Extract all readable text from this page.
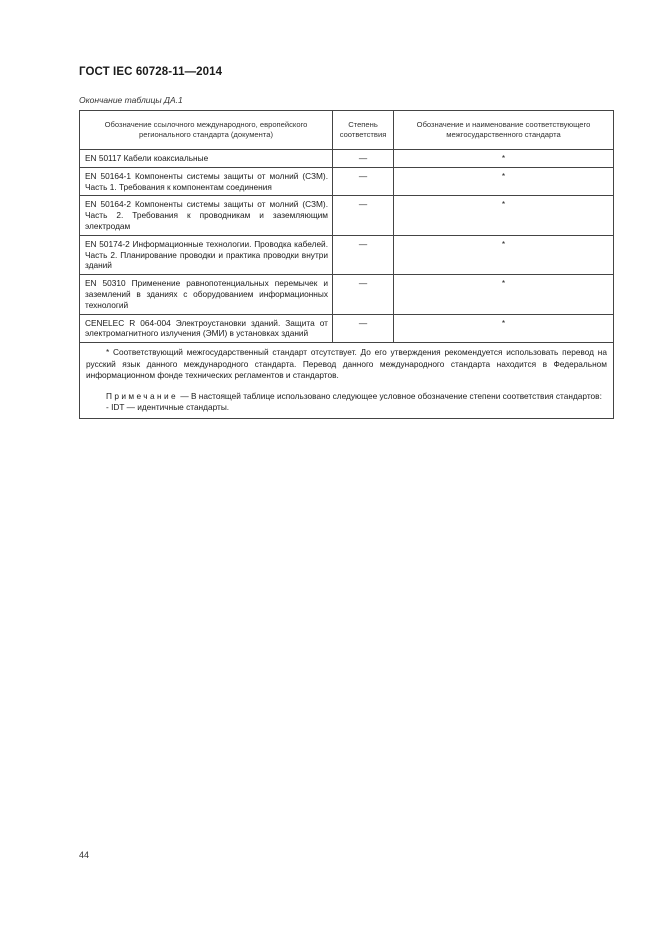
ГОСТ IEC 60728-11—2014
Окончание таблицы ДА.1
Обозначение ссылочного международного, европейского регионального стандарта (документа)	Степень соответствия	Обозначение и наименование соответствующего межгосударственного стандарта
EN 50117 Кабели коаксиальные	—	*
EN 50164-1 Компоненты системы защиты от молний (СЗМ). Часть 1. Требования к компонентам соединения	—	*
EN 50164-2 Компоненты системы защиты от молний (СЗМ). Часть 2. Требования к проводникам и заземляющим электродам	—	*
EN 50174-2 Информационные технологии. Проводка кабелей. Часть 2. Планирование проводки и практика проводки внутри зданий	—	*
EN 50310 Применение равнопотенциальных перемычек и заземлений в зданиях с оборудованием информационных технологий	—	*
CENELEC R 064-004 Электроустановки зданий. Защита от электромагнитного излучения (ЭМИ) в установках зданий	—	*

* Соответствующий межгосударственный стандарт отсутствует. До его утверждения рекомендуется использовать перевод на русский язык данного международного стандарта. Перевод данного международного стандарта находится в Федеральном информационном фонде технических регламентов и стандартов.

Примечание — В настоящей таблице использовано следующее условное обозначение степени соответствия стандартов:

- IDT — идентичные стандарты.		

44
